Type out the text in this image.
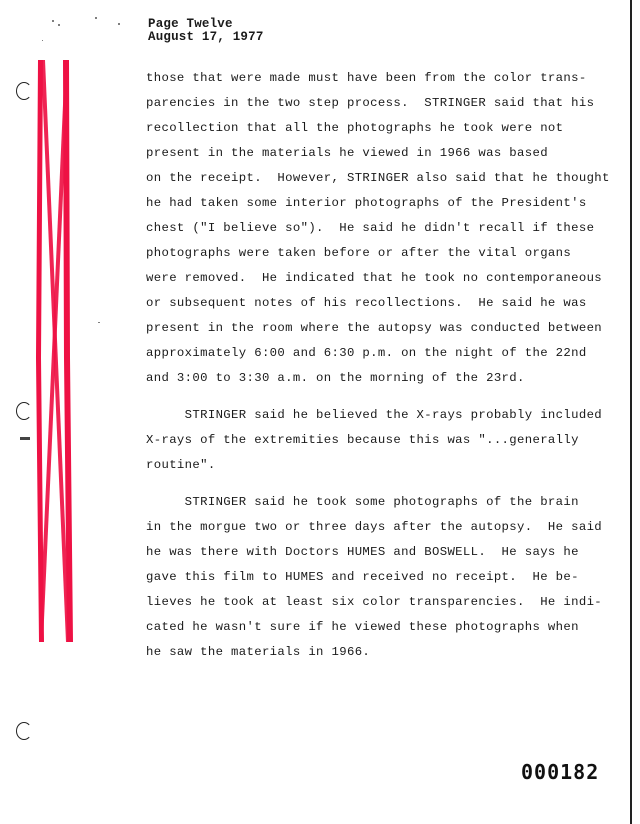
Page Twelve
August 17, 1977
those that were made must have been from the color trans-
parencies in the two step process.  STRINGER said that his
recollection that all the photographs he took were not
present in the materials he viewed in 1966 was based
on the receipt.  However, STRINGER also said that he thought
he had taken some interior photographs of the President's
chest ("I believe so").  He said he didn't recall if these
photographs were taken before or after the vital organs
were removed.  He indicated that he took no contemporaneous
or subsequent notes of his recollections.  He said he was
present in the room where the autopsy was conducted between
approximately 6:00 and 6:30 p.m. on the night of the 22nd
and 3:00 to 3:30 a.m. on the morning of the 23rd.
STRINGER said he believed the X-rays probably included
X-rays of the extremities because this was "...generally
routine".
STRINGER said he took some photographs of the brain
in the morgue two or three days after the autopsy.  He said
he was there with Doctors HUMES and BOSWELL.  He says he
gave this film to HUMES and received no receipt.  He be-
lieves he took at least six color transparencies.  He indi-
cated he wasn't sure if he viewed these photographs when
he saw the materials in 1966.
000182
